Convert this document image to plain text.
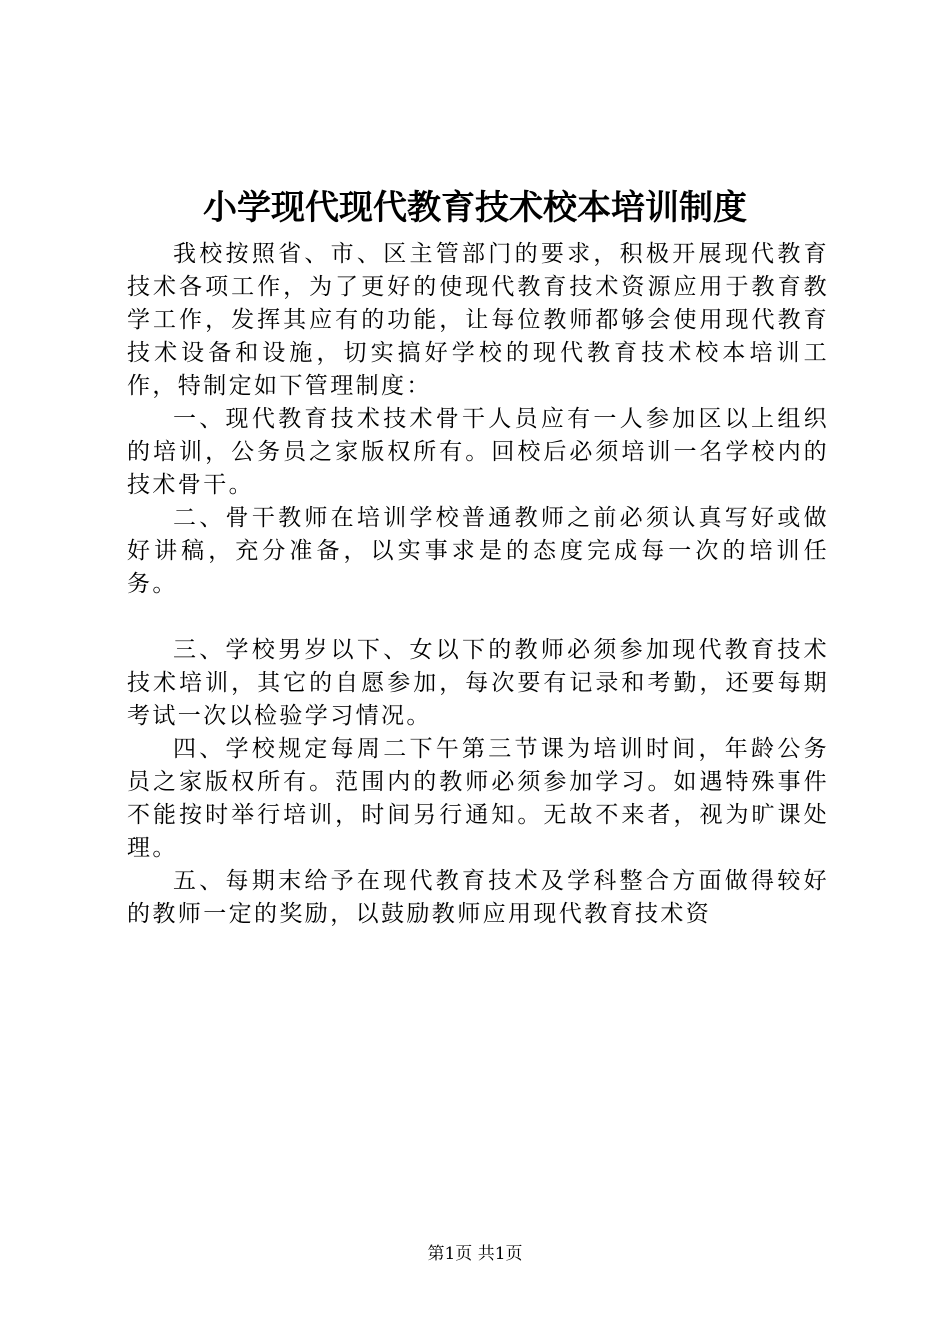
小学现代现代教育技术校本培训制度

我校按照省、市、区主管部门的要求，积极开展现代教育技术各项工作，为了更好的使现代教育技术资源应用于教育教学工作，发挥其应有的功能，让每位教师都够会使用现代教育技术设备和设施，切实搞好学校的现代教育技术校本培训工作，特制定如下管理制度：

一、现代教育技术技术骨干人员应有一人参加区以上组织的培训，公务员之家版权所有。回校后必须培训一名学校内的技术骨干。

二、骨干教师在培训学校普通教师之前必须认真写好或做好讲稿，充分准备，以实事求是的态度完成每一次的培训任务。

三、学校男岁以下、女以下的教师必须参加现代教育技术技术培训，其它的自愿参加，每次要有记录和考勤，还要每期考试一次以检验学习情况。

四、学校规定每周二下午第三节课为培训时间，年龄公务员之家版权所有。范围内的教师必须参加学习。如遇特殊事件不能按时举行培训，时间另行通知。无故不来者，视为旷课处理。

五、每期末给予在现代教育技术及学科整合方面做得较好的教师一定的奖励，以鼓励教师应用现代教育技术资

第1页 共1页
